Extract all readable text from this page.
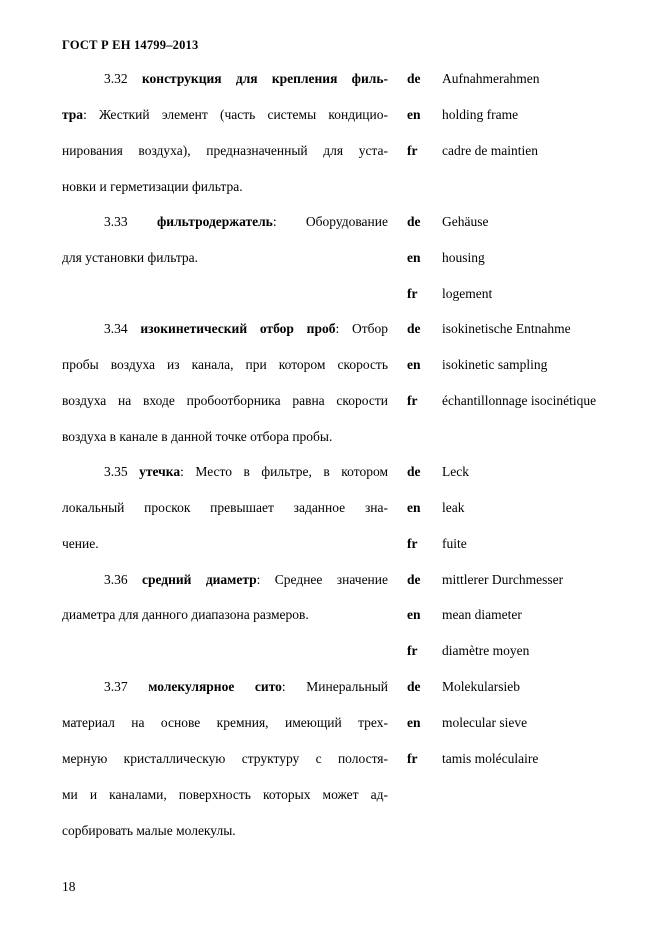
ГОСТ Р ЕН 14799–2013
3.32 конструкция для крепления филь-
тра: Жесткий элемент (часть системы кондицио-
нирования воздуха), предназначенный для уста-
новки и герметизации фильтра.
de Aufnahmerahmen
en holding frame
fr cadre de maintien
3.33 фильтродержатель: Оборудование
для установки фильтра.
de Gehäuse
en housing
fr logement
3.34 изокинетический отбор проб: Отбор
пробы воздуха из канала, при котором скорость
воздуха на входе пробоотборника равна скорости
воздуха в канале в данной точке отбора пробы.
de isokinetische Entnahme
en isokinetic sampling
fr échantillonnage isocinétique
3.35 утечка: Место в фильтре, в котором
локальный проскок превышает заданное зна-
чение.
de Leck
en leak
fr fuite
3.36 средний диаметр: Среднее значение
диаметра для данного диапазона размеров.
de mittlerer Durchmesser
en mean diameter
fr diamètre moyen
3.37 молекулярное сито: Минеральный
материал на основе кремния, имеющий трех-
мерную кристаллическую структуру с полостя-
ми и каналами, поверхность которых может ад-
сорбировать малые молекулы.
de Molekularsieb
en molecular sieve
fr tamis moléculaire
18
